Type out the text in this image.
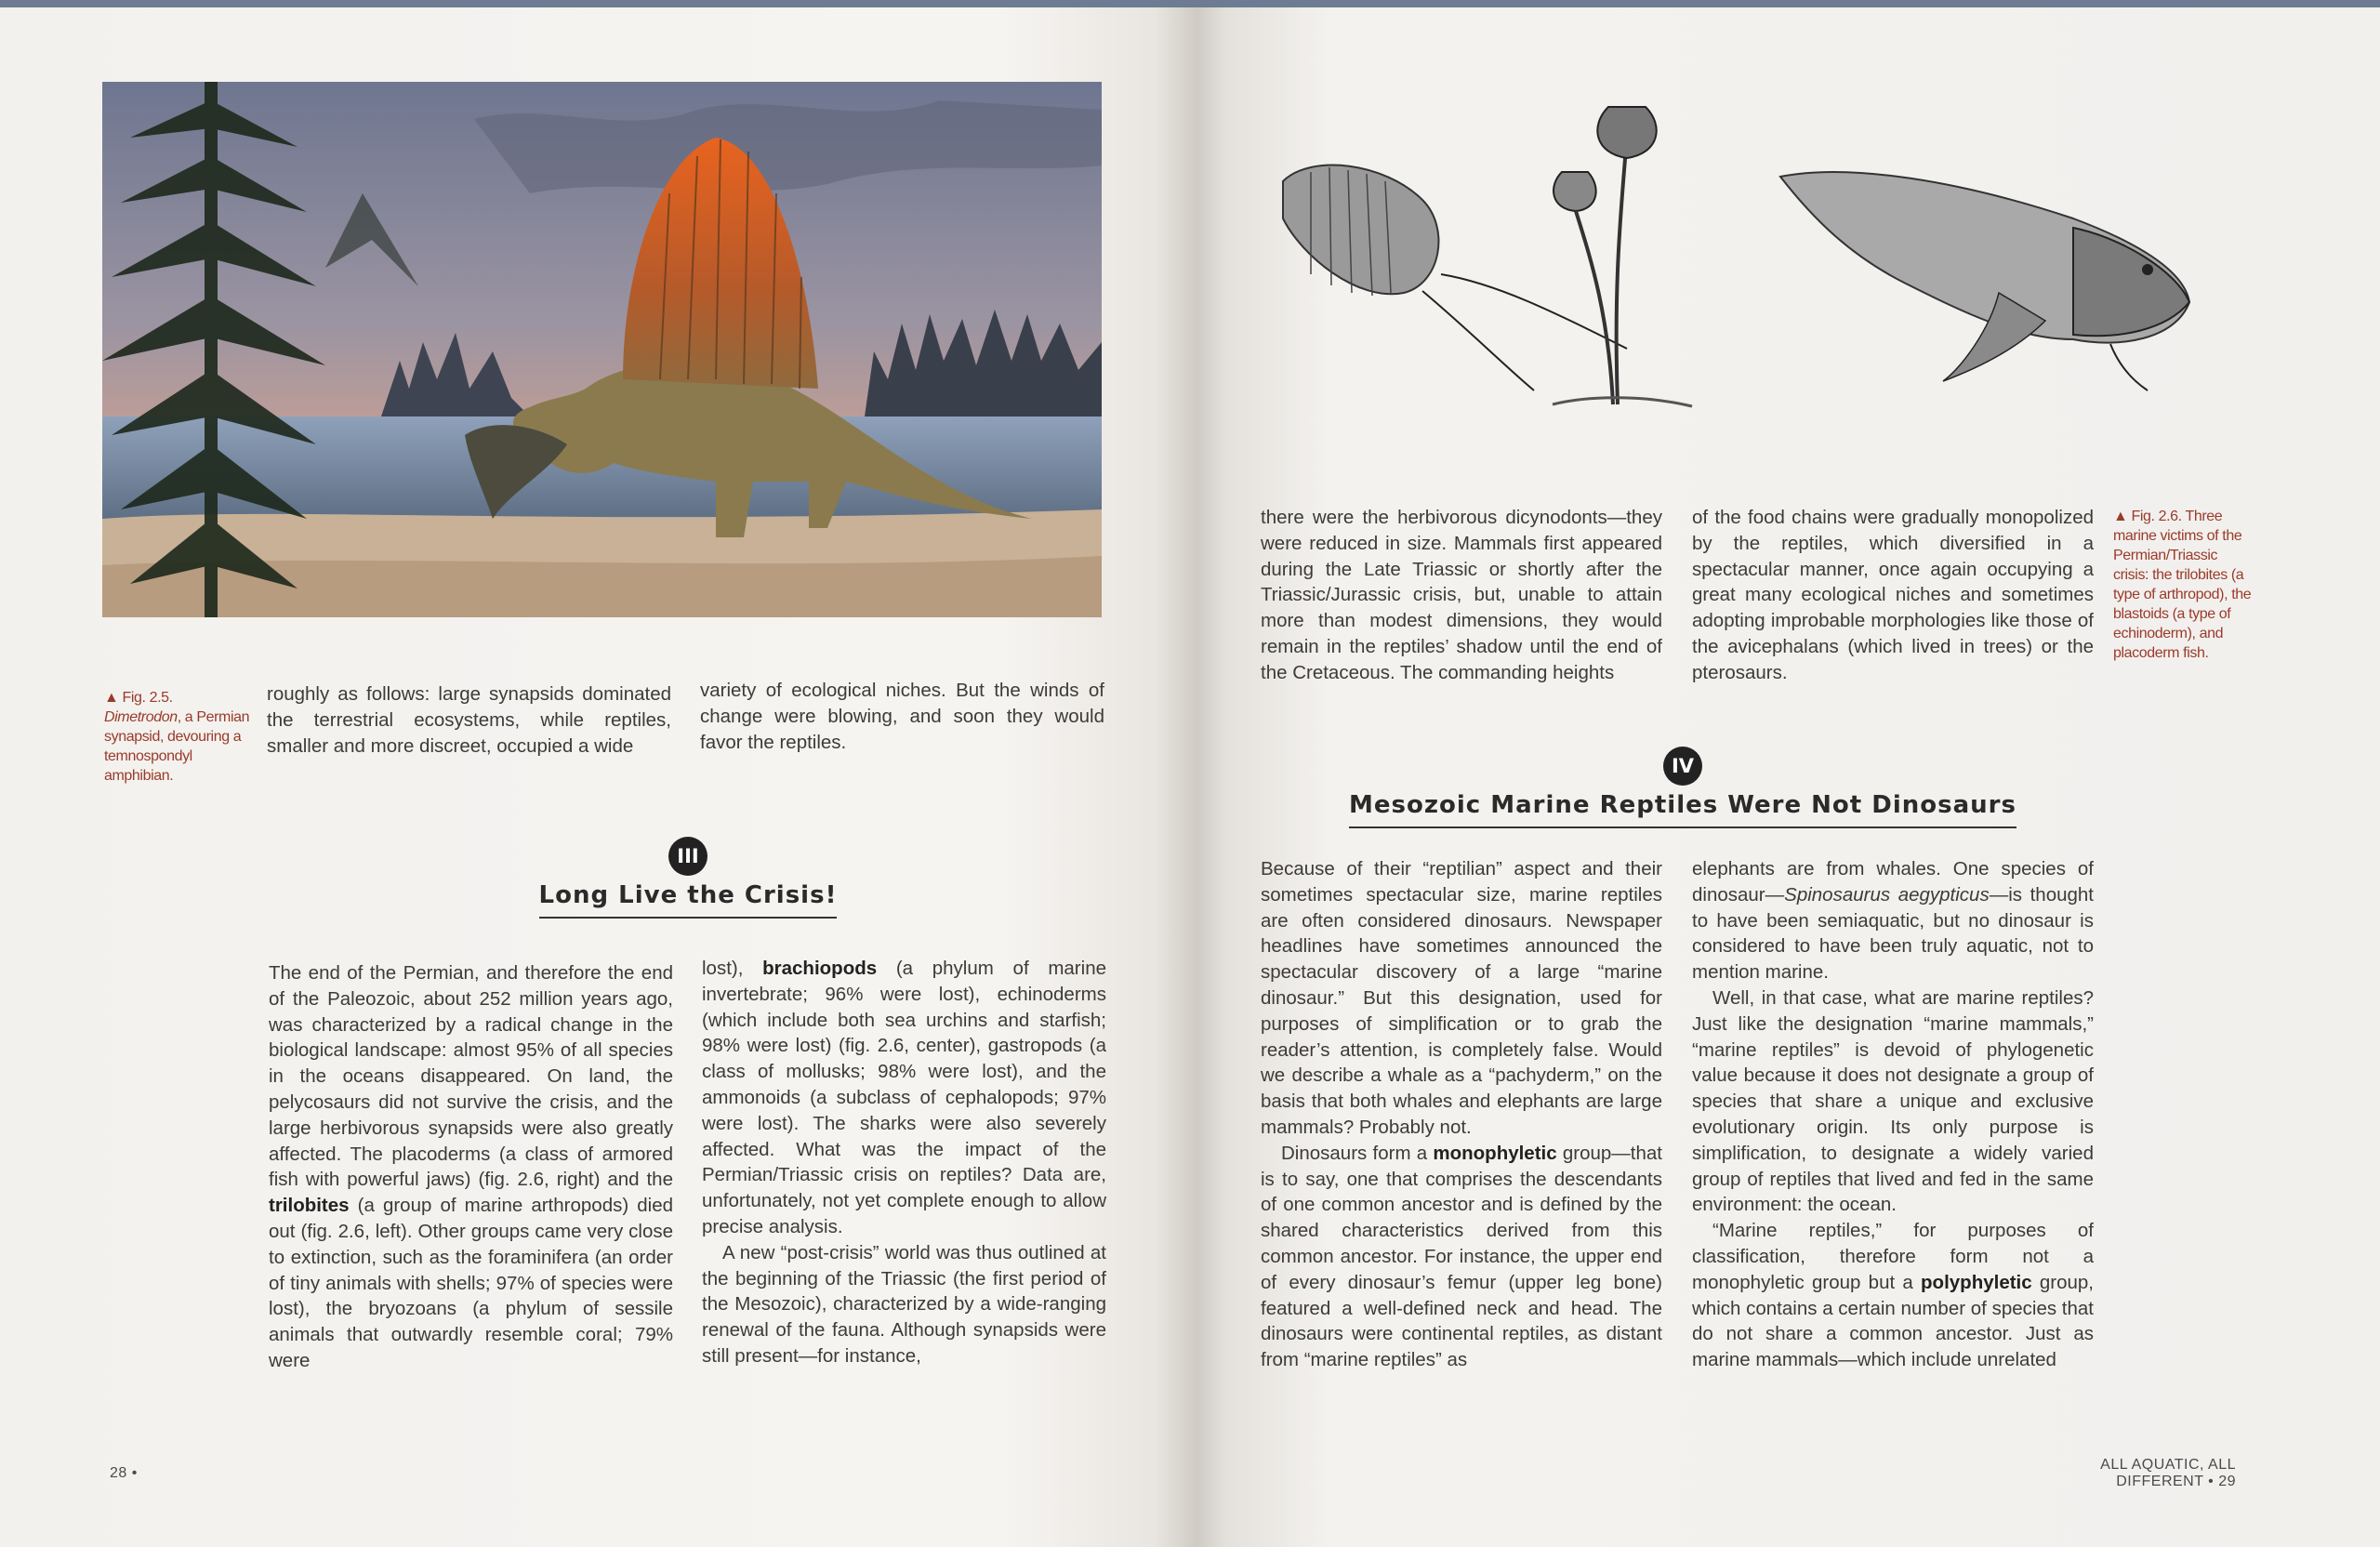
▲ Fig. 2.5. Dimetrodon, a Permian synapsid, devouring a temnospondyl amphibian.

roughly as follows: large synapsids dominated the terrestrial ecosystems, while reptiles, smaller and more discreet, occupied a wide

variety of ecological niches. But the winds of change were blowing, and soon they would favor the reptiles.

III
Long Live the Crisis!

The end of the Permian, and therefore the end of the Paleozoic, about 252 million years ago, was characterized by a radical change in the biological landscape: almost 95% of all species in the oceans disappeared. On land, the pelycosaurs did not survive the crisis, and the large herbivorous synapsids were also greatly affected. The placoderms (a class of armored fish with powerful jaws) (fig. 2.6, right) and the trilobites (a group of marine arthropods) died out (fig. 2.6, left). Other groups came very close to extinction, such as the foraminifera (an order of tiny animals with shells; 97% of species were lost), the bryozoans (a phylum of sessile animals that outwardly resemble coral; 79% were

lost), brachiopods (a phylum of marine invertebrate; 96% were lost), echinoderms (which include both sea urchins and starfish; 98% were lost) (fig. 2.6, center), gastropods (a class of mollusks; 98% were lost), and the ammonoids (a subclass of cephalopods; 97% were lost). The sharks were also severely affected. What was the impact of the Permian/Triassic crisis on reptiles? Data are, unfortunately, not yet complete enough to allow precise analysis.

A new “post-crisis” world was thus outlined at the beginning of the Triassic (the first period of the Mesozoic), characterized by a wide-ranging renewal of the fauna. Although synapsids were still present—for instance,

28 •

there were the herbivorous dicynodonts—they were reduced in size. Mammals first appeared during the Late Triassic or shortly after the Triassic/Jurassic crisis, but, unable to attain more than modest dimensions, they would remain in the reptiles’ shadow until the end of the Cretaceous. The commanding heights

of the food chains were gradually monopolized by the reptiles, which diversified in a spectacular manner, once again occupying a great many ecological niches and sometimes adopting improbable morphologies like those of the avicephalans (which lived in trees) or the pterosaurs.

▲ Fig. 2.6. Three marine victims of the Permian/Triassic crisis: the trilobites (a type of arthropod), the blastoids (a type of echinoderm), and placoderm fish.
IV
Mesozoic Marine Reptiles Were Not Dinosaurs

Because of their “reptilian” aspect and their sometimes spectacular size, marine reptiles are often considered dinosaurs. Newspaper headlines have sometimes announced the spectacular discovery of a large “marine dinosaur.” But this designation, used for purposes of simplification or to grab the reader’s attention, is completely false. Would we describe a whale as a “pachyderm,” on the basis that both whales and elephants are large mammals? Probably not.

Dinosaurs form a monophyletic group—that is to say, one that comprises the descendants of one common ancestor and is defined by the shared characteristics derived from this common ancestor. For instance, the upper end of every dinosaur’s femur (upper leg bone) featured a well-defined neck and head. The dinosaurs were continental reptiles, as distant from “marine reptiles” as

elephants are from whales. One species of dinosaur—Spinosaurus aegypticus—is thought to have been semiaquatic, but no dinosaur is considered to have been truly aquatic, not to mention marine.

Well, in that case, what are marine reptiles? Just like the designation “marine mammals,” “marine reptiles” is devoid of phylogenetic value because it does not designate a group of species that share a unique and exclusive evolutionary origin. Its only purpose is simplification, to designate a widely varied group of reptiles that lived and fed in the same environment: the ocean.

“Marine reptiles,” for purposes of classification, therefore form not a monophyletic group but a polyphyletic group, which contains a certain number of species that do not share a common ancestor. Just as marine mammals—which include unrelated

ALL AQUATIC, ALL DIFFERENT • 29
